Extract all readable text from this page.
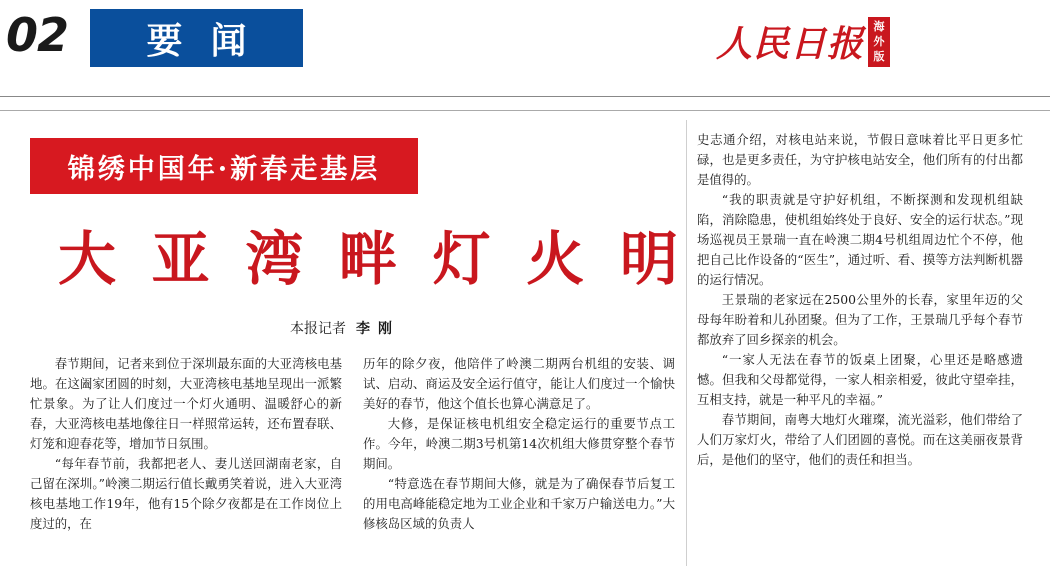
02	要闻	人民日报 海
外
版
锦绣中国年·新春走基层
大 亚 湾 畔 灯 火 明
本报记者 李刚

春节期间，记者来到位于深圳最东面的大亚湾核电基地。在这阖家团圆的时刻，大亚湾核电基地呈现出一派繁忙景象。为了让人们度过一个灯火通明、温暖舒心的新春，大亚湾核电基地像往日一样照常运转，还布置春联、灯笼和迎春花等，增加节日氛围。

“每年春节前，我都把老人、妻儿送回湖南老家，自己留在深圳。”岭澳二期运行值长戴勇笑着说，进入大亚湾核电基地工作19年，他有15个除夕夜都是在工作岗位上度过的，在

历年的除夕夜，他陪伴了岭澳二期两台机组的安装、调试、启动、商运及安全运行值守，能让人们度过一个愉快美好的春节，他这个值长也算心满意足了。

大修，是保证核电机组安全稳定运行的重要节点工作。今年，岭澳二期3号机第14次机组大修贯穿整个春节期间。

“特意选在春节期间大修，就是为了确保春节后复工的用电高峰能稳定地为工业企业和千家万户输送电力。”大修核岛区域的负责人

史志通介绍，对核电站来说，节假日意味着比平日更多忙碌，也是更多责任，为守护核电站安全，他们所有的付出都是值得的。

“我的职责就是守护好机组，不断探测和发现机组缺陷，消除隐患，使机组始终处于良好、安全的运行状态。”现场巡视员王景瑞一直在岭澳二期4号机组周边忙个不停，他把自己比作设备的“医生”，通过听、看、摸等方法判断机器的运行情况。

王景瑞的老家远在2500公里外的长春，家里年迈的父母每年盼着和儿孙团聚。但为了工作，王景瑞几乎每个春节都放弃了回乡探亲的机会。

“一家人无法在春节的饭桌上团聚，心里还是略感遗憾。但我和父母都觉得，一家人相亲相爱，彼此守望牵挂，互相支持，就是一种平凡的幸福。”

春节期间，南粤大地灯火璀璨，流光溢彩，他们带给了人们万家灯火，带给了人们团圆的喜悦。而在这美丽夜景背后，是他们的坚守，他们的责任和担当。
